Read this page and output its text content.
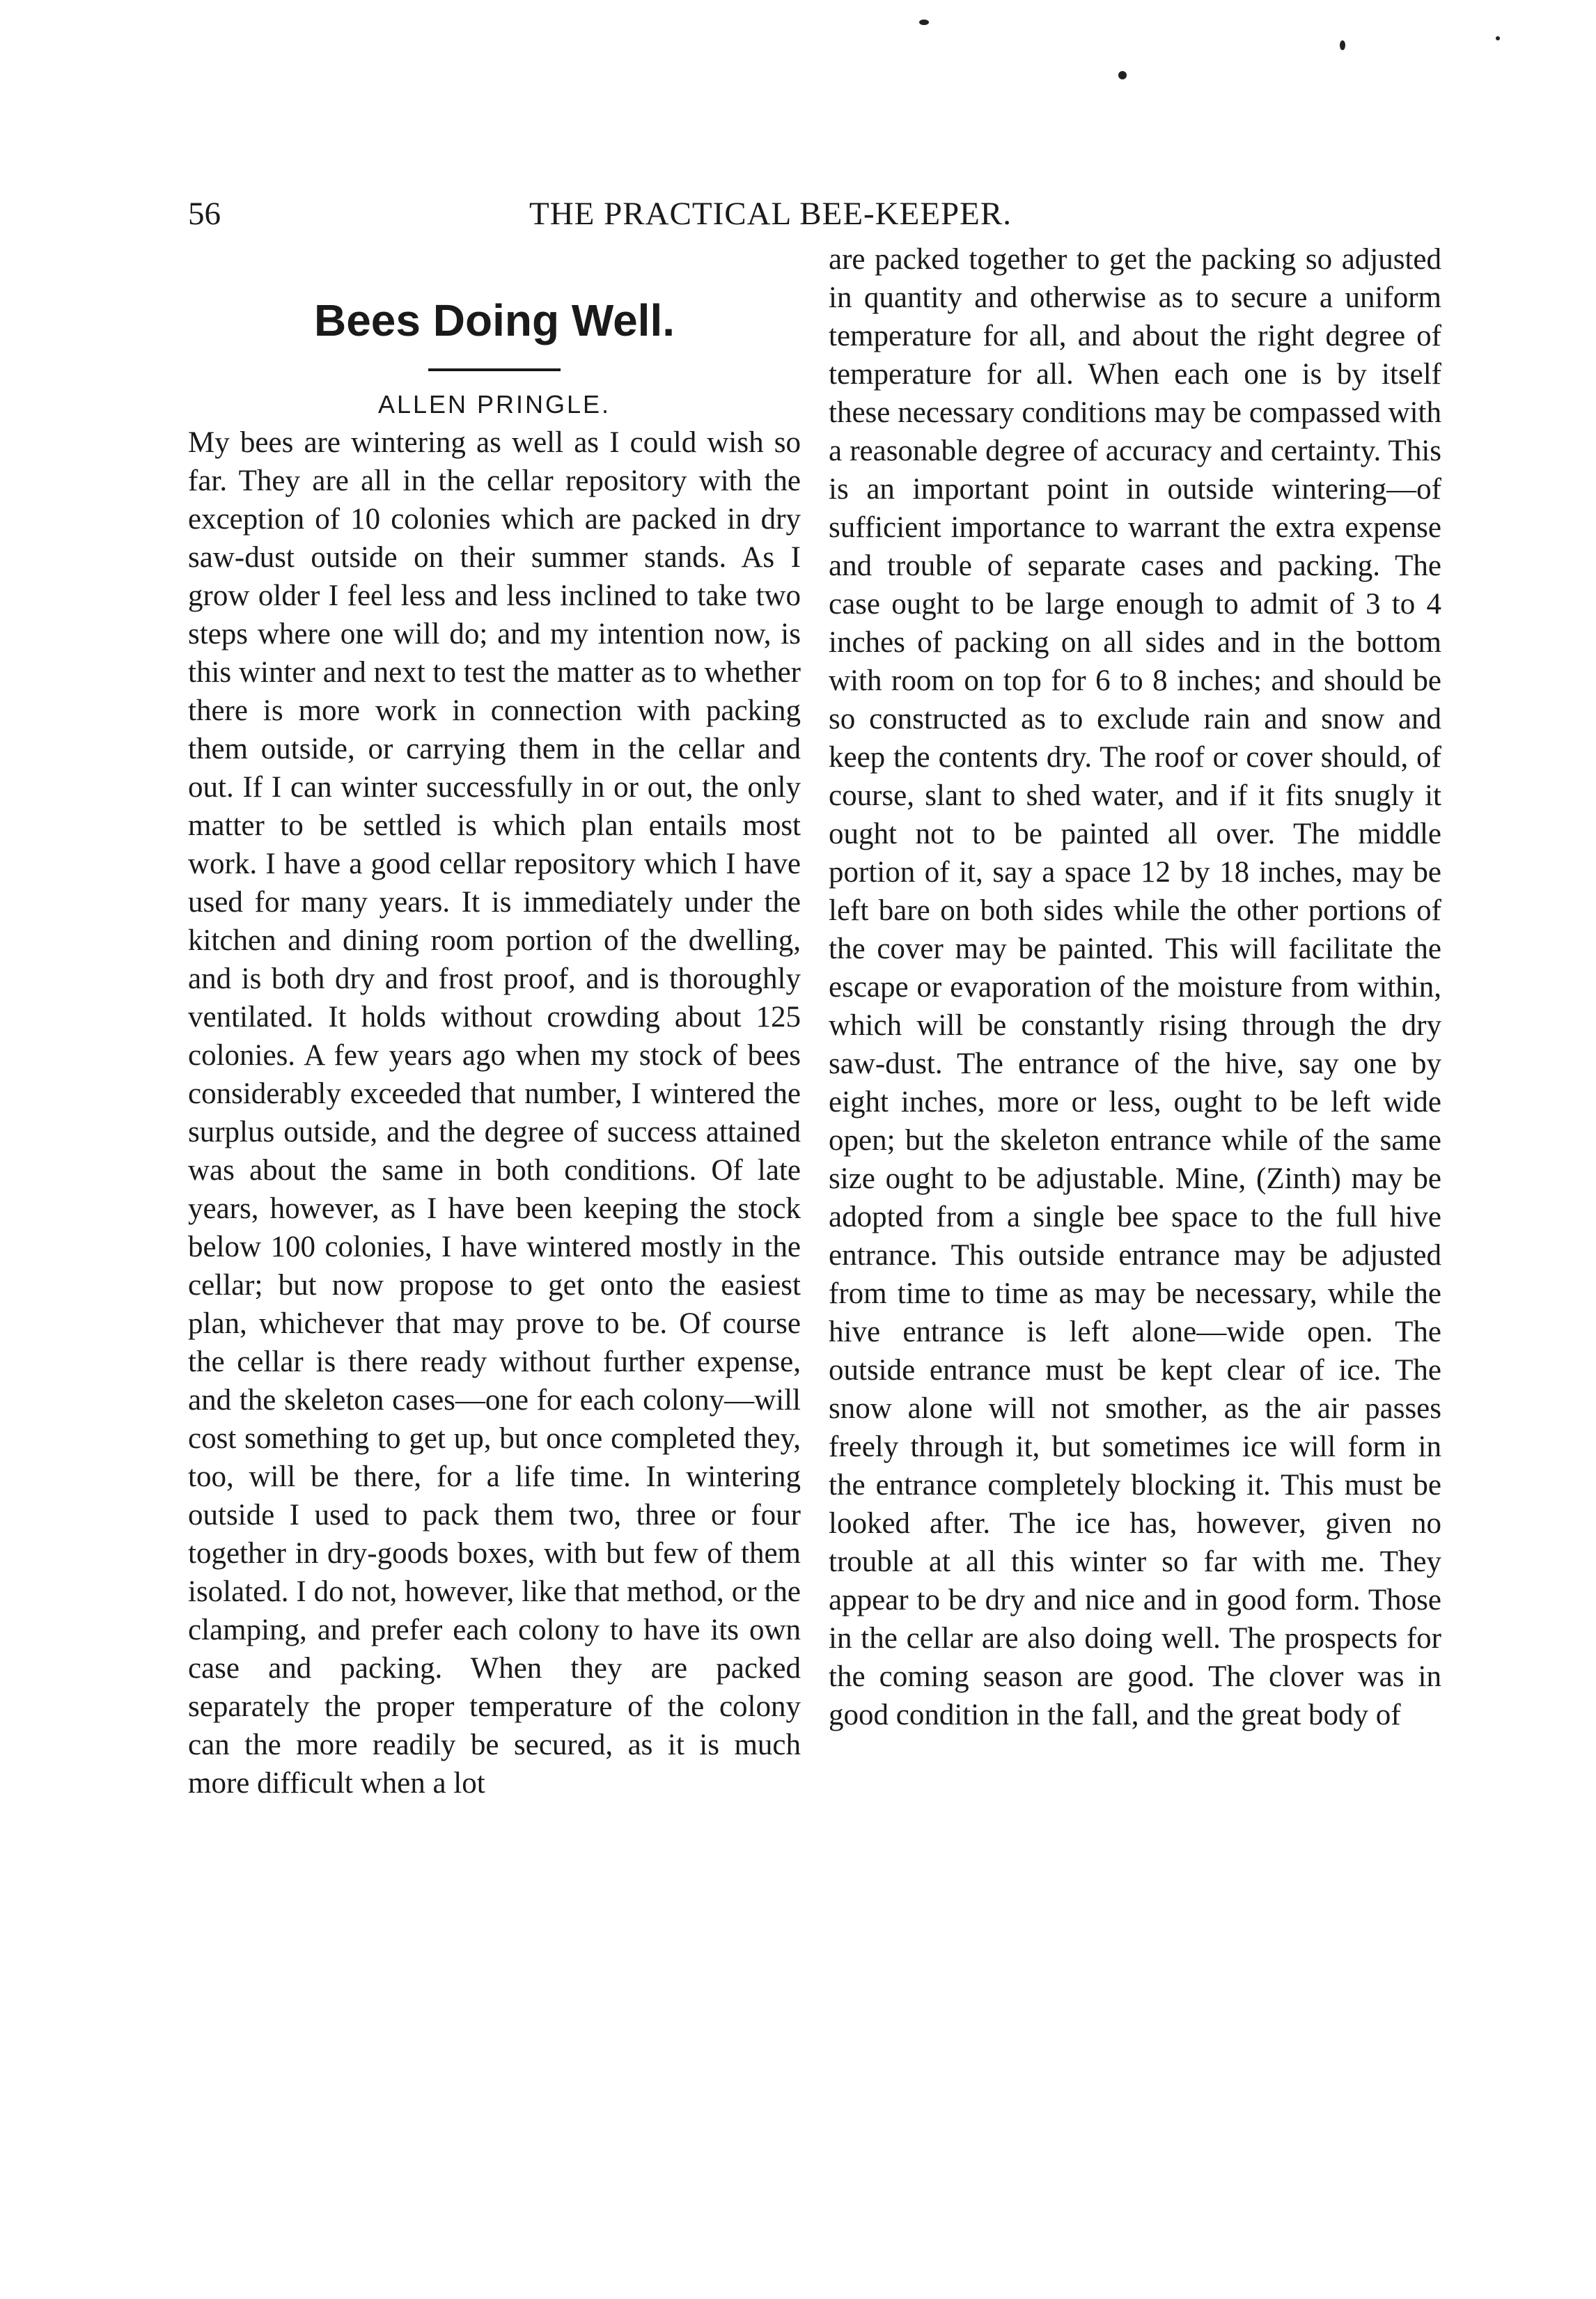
56	THE PRACTICAL BEE-KEEPER.
Bees Doing Well.

ALLEN PRINGLE.

My bees are wintering as well as I could wish so far. They are all in the cellar repository with the exception of 10 colonies which are packed in dry saw-dust outside on their summer stands. As I grow older I feel less and less inclined to take two steps where one will do; and my intention now, is this winter and next to test the matter as to whether there is more work in connection with packing them outside, or carrying them in the cellar and out. If I can winter successfully in or out, the only matter to be settled is which plan entails most work. I have a good cellar repository which I have used for many years. It is immediately under the kitchen and dining room portion of the dwelling, and is both dry and frost proof, and is thoroughly ventilated. It holds without crowding about 125 colonies. A few years ago when my stock of bees considerably exceeded that number, I wintered the surplus outside, and the degree of success attained was about the same in both conditions. Of late years, however, as I have been keeping the stock below 100 colonies, I have wintered mostly in the cellar; but now propose to get onto the easiest plan, whichever that may prove to be. Of course the cellar is there ready without further expense, and the skeleton cases—one for each colony—will cost something to get up, but once completed they, too, will be there, for a life time. In wintering outside I used to pack them two, three or four together in dry-goods boxes, with but few of them isolated. I do not, however, like that method, or the clamping, and prefer each colony to have its own case and packing. When they are packed separately the proper temperature of the colony can the more readily be secured, as it is much more difficult when a lot

are packed together to get the packing so adjusted in quantity and otherwise as to secure a uniform temperature for all, and about the right degree of temperature for all. When each one is by itself these necessary conditions may be compassed with a reasonable degree of accuracy and certainty. This is an important point in outside wintering—of sufficient importance to warrant the extra expense and trouble of separate cases and packing. The case ought to be large enough to admit of 3 to 4 inches of packing on all sides and in the bottom with room on top for 6 to 8 inches; and should be so constructed as to exclude rain and snow and keep the contents dry. The roof or cover should, of course, slant to shed water, and if it fits snugly it ought not to be painted all over. The middle portion of it, say a space 12 by 18 inches, may be left bare on both sides while the other portions of the cover may be painted. This will facilitate the escape or evaporation of the moisture from within, which will be constantly rising through the dry saw-dust. The entrance of the hive, say one by eight inches, more or less, ought to be left wide open; but the skeleton entrance while of the same size ought to be adjustable. Mine, (Zinth) may be adopted from a single bee space to the full hive entrance. This outside entrance may be adjusted from time to time as may be necessary, while the hive entrance is left alone—wide open. The outside entrance must be kept clear of ice. The snow alone will not smother, as the air passes freely through it, but sometimes ice will form in the entrance completely blocking it. This must be looked after. The ice has, however, given no trouble at all this winter so far with me. They appear to be dry and nice and in good form. Those in the cellar are also doing well. The prospects for the coming season are good. The clover was in good condition in the fall, and the great body of
